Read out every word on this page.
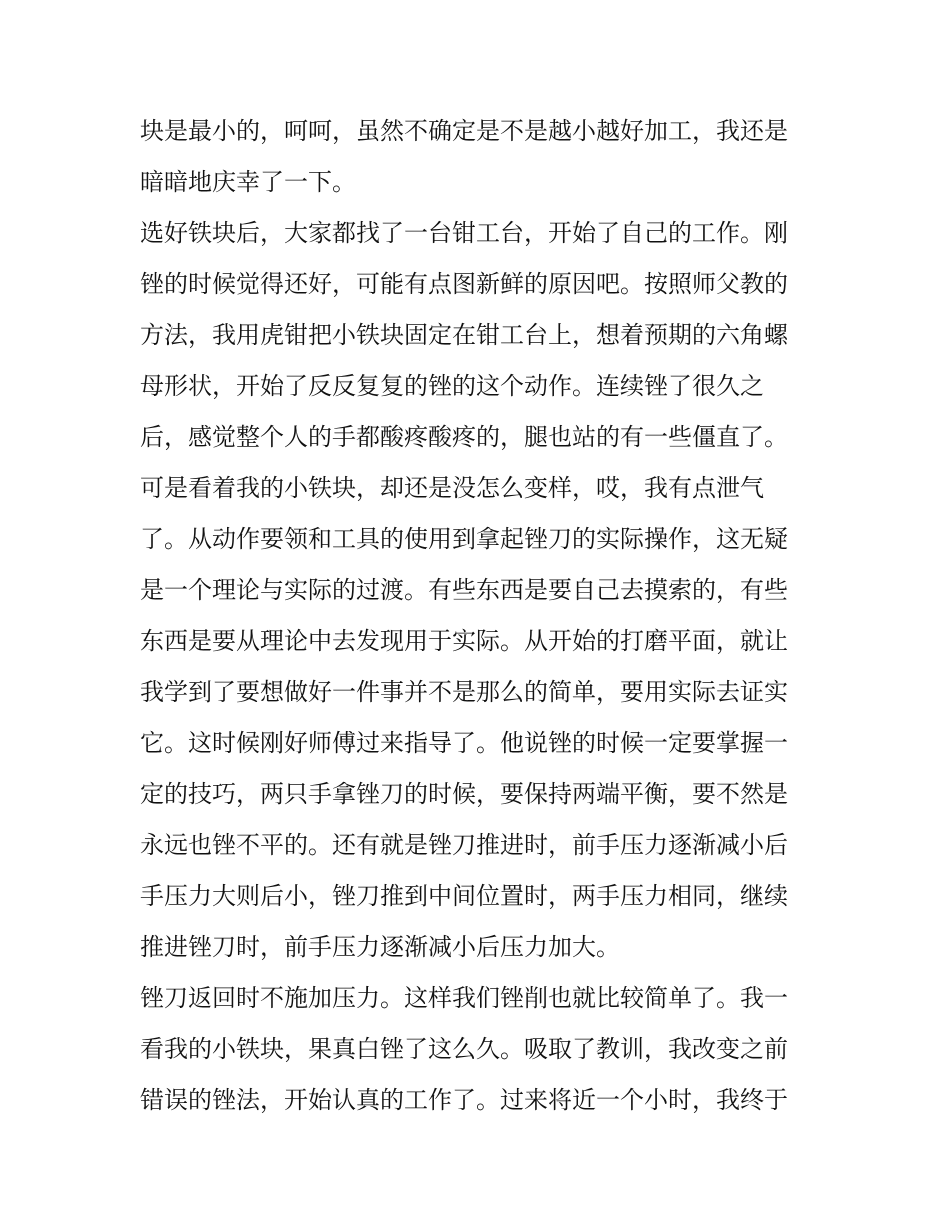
块是最小的，呵呵，虽然不确定是不是越小越好加工，我还是

暗暗地庆幸了一下。

选好铁块后，大家都找了一台钳工台，开始了自己的工作。刚

锉的时候觉得还好，可能有点图新鲜的原因吧。按照师父教的

方法，我用虎钳把小铁块固定在钳工台上，想着预期的六角螺

母形状，开始了反反复复的锉的这个动作。连续锉了很久之

后，感觉整个人的手都酸疼酸疼的，腿也站的有一些僵直了。

可是看着我的小铁块，却还是没怎么变样，哎，我有点泄气

了。从动作要领和工具的使用到拿起锉刀的实际操作，这无疑

是一个理论与实际的过渡。有些东西是要自己去摸索的，有些

东西是要从理论中去发现用于实际。从开始的打磨平面，就让

我学到了要想做好一件事并不是那么的简单，要用实际去证实

它。这时候刚好师傅过来指导了。他说锉的时候一定要掌握一

定的技巧，两只手拿锉刀的时候，要保持两端平衡，要不然是

永远也锉不平的。还有就是锉刀推进时，前手压力逐渐减小后

手压力大则后小，锉刀推到中间位置时，两手压力相同，继续

推进锉刀时，前手压力逐渐减小后压力加大。

锉刀返回时不施加压力。这样我们锉削也就比较简单了。我一

看我的小铁块，果真白锉了这么久。吸取了教训，我改变之前

错误的锉法，开始认真的工作了。过来将近一个小时，我终于
